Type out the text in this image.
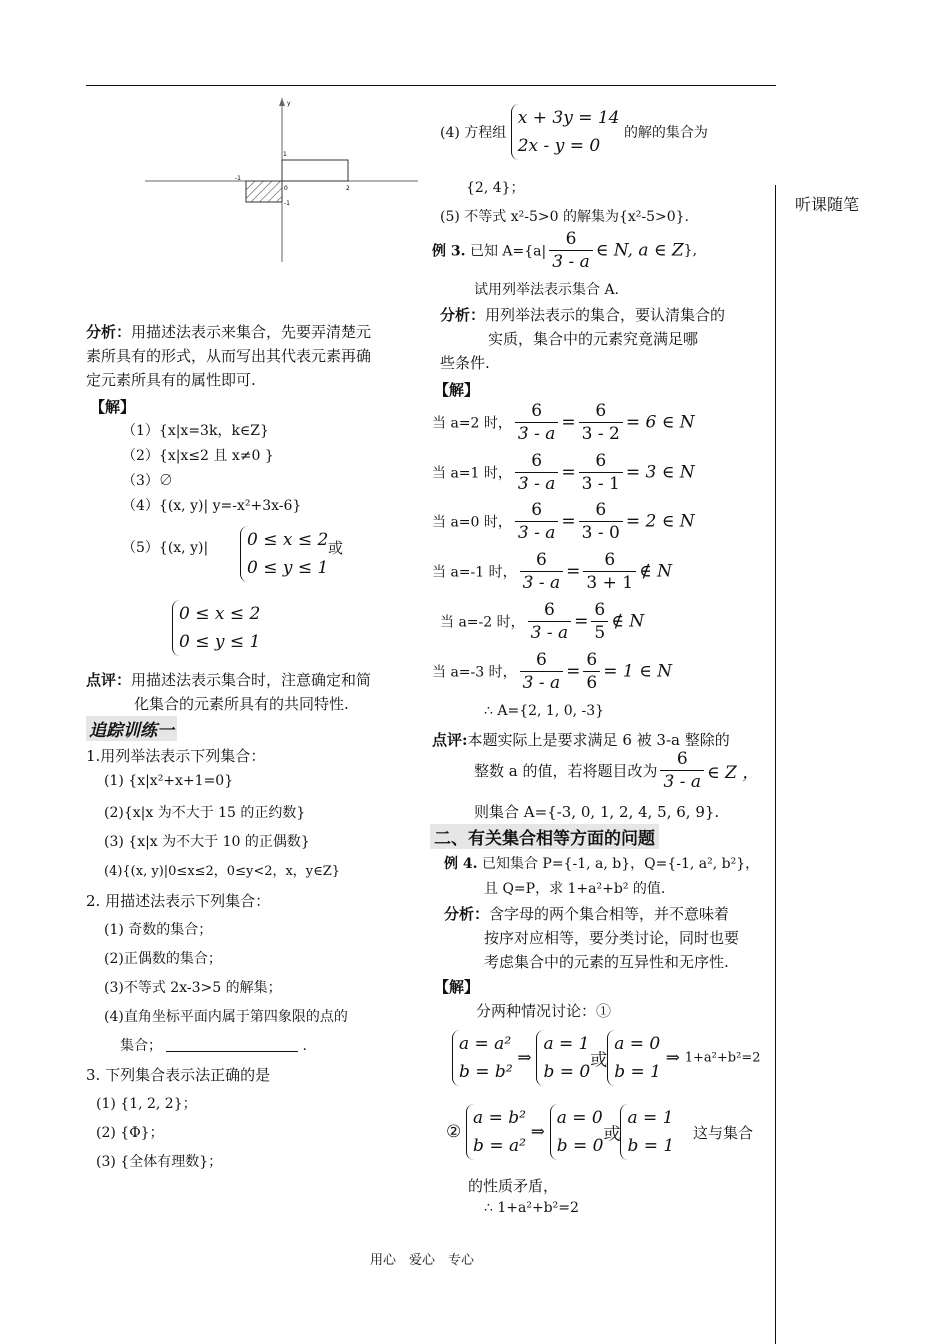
听课随笔
y
1
2
-1
-1
0
分析：用描述法表示来集合，先要弄清楚元
素所具有的形式，从而写出其代表元素再确
定元素所具有的属性即可.
【解】
（1）{x|x=3k，k∈Z}
（2）{x|x≤2 且 x≠0 }
（3）∅
（4）{(x, y)| y=-x²+3x-6}
（5）{(x, y)| 0 ≤ x ≤ 2
0 ≤ y ≤ 1
或
0 ≤ x ≤ 2
0 ≤ y ≤ 1
点评：用描述法表示集合时，注意确定和简
化集合的元素所具有的共同特性.
追踪训练一
1.用列举法表示下列集合：
(1) {x|x²+x+1=0}
(2){x|x 为不大于 15 的正约数}
(3) {x|x 为不大于 10 的正偶数}
(4){(x, y)|0≤x≤2，0≤y<2，x，y∈Z}
2. 用描述法表示下列集合：
(1) 奇数的集合；
(2)正偶数的集合；
(3)不等式 2x-3>5 的解集；
(4)直角坐标平面内属于第四象限的点的
集合；	.
3. 下列集合表示法正确的是
(1) {1, 2, 2}；
(2) {Φ}；
(3) {全体有理数}；
(4) 方程组
x + 3y = 14
2x - y = 0
的解的集合为
{2, 4}；
(5) 不等式 x²-5>0 的解集为{x²-5>0}.
例 3. 已知 $A=\{a| \frac{6}{3 - a}$ ∈ N, a ∈ Z},
试用列举法表示集合 A.
分析：用列举法表示的集合，要认清集合的
实质，集合中的元素究竟满足哪
些条件.
【解】
当 a=2 时， $\frac{6}{3 - a} = \frac{6}{3 - 2} = 6$ ∈ N
当 a=1 时， $\frac{6}{3 - a} = \frac{6}{3 - 1} = 3$ ∈ N
当 a=0 时， $\frac{6}{3 - a} = \frac{6}{3 - 0} = 2$ ∈ N
当 a=-1 时， $\frac{6}{3 - a} = \frac{6}{3 + 1}$ ∉ N
当 a=-2 时， $\frac{6}{3 - a} = \frac{6}{5}$ ∉ N
当 a=-3 时， $\frac{6}{3 - a} = \frac{6}{6} = 1$ ∈ N
∴ A={2, 1, 0, -3}
点评:本题实际上是要求满足 6 被 3-a 整除的
整数 a 的值，若将题目改为 $\frac{6}{3 - a}$ ∈ Z ，
则集合 A={-3, 0, 1, 2, 4, 5, 6, 9}.
二、有关集合相等方面的问题
例 4. 已知集合 P={-1, a, b}，Q={-1, a², b²}，
且 Q=P，求 1+a²+b² 的值.
分析：含字母的两个集合相等，并不意味着
按序对应相等，要分类讨论，同时也要
考虑集合中的元素的互异性和无序性.
【解】
分两种情况讨论：①
a = a²
b = b²
⇒
a = 1
b = 0
或
a = 0
b = 1
⇒ 1+a²+b²=2
②
a = b²
b = a²
⇒
a = 0
b = 0
或
a = 1
b = 1
这与集合
的性质矛盾，
∴ 1+a²+b²=2
用心　爱心　专心
